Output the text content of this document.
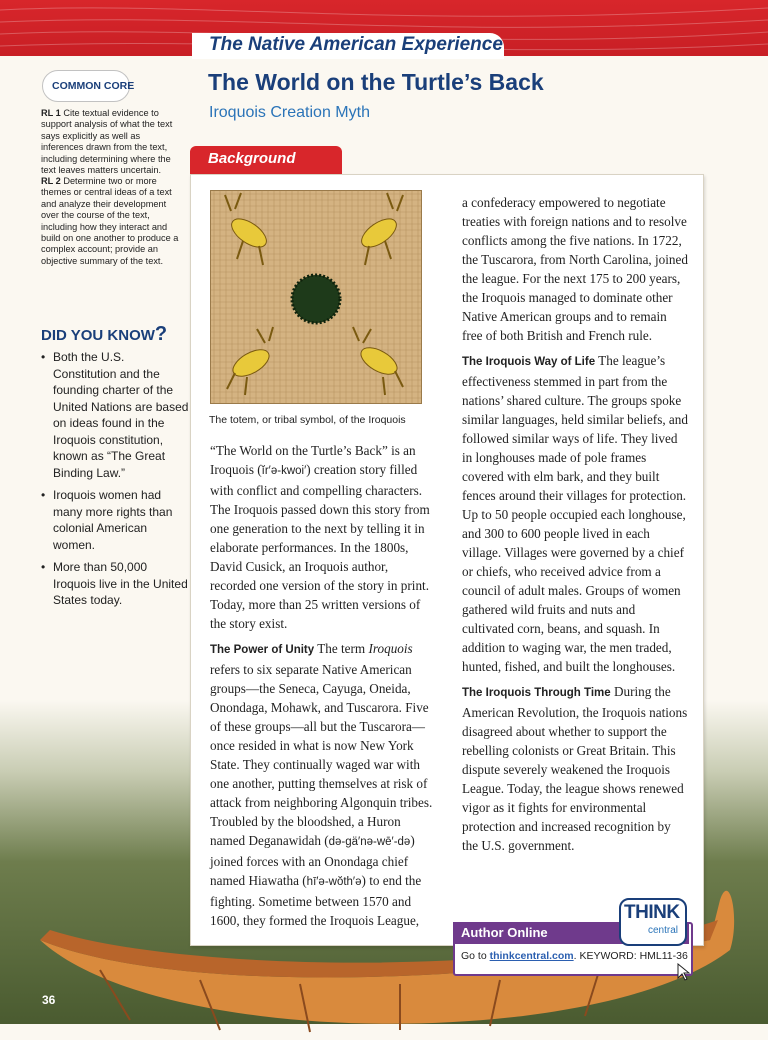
The Native American Experience
The World on the Turtle’s Back
Iroquois Creation Myth
36
COMMON CORE
RL 1 Cite textual evidence to support analysis of what the text says explicitly as well as inferences drawn from the text, including determining where the text leaves matters uncertain.
RL 2 Determine two or more themes or central ideas of a text and analyze their development over the course of the text, including how they interact and build on one another to produce a complex account; provide an objective summary of the text.
DID YOU KNOW?
• Both the U.S. Constitution and the founding charter of the United Nations are based on ideas found in the Iroquois constitution, known as “The Great Binding Law.”
• Iroquois women had many more rights than colonial American women.
• More than 50,000 Iroquois live in the United States today.
Background
The totem, or tribal symbol, of the Iroquois

“The World on the Turtle’s Back” is an Iroquois (ĭr′ə-kwoi′) creation story filled with conflict and compelling characters. The Iroquois passed down this story from one generation to the next by telling it in elaborate performances. In the 1800s, David Cusick, an Iroquois author, recorded one version of the story in print. Today, more than 25 written versions of the story exist.

The Power of Unity The term Iroquois refers to six separate Native American groups—the Seneca, Cayuga, Oneida, Onondaga, Mohawk, and Tuscarora. Five of these groups—all but the Tuscarora—once resided in what is now New York State. They continually waged war with one another, putting themselves at risk of attack from neighboring Algonquin tribes. Troubled by the bloodshed, a Huron named Deganawidah (də-gä′nə-wē′-də) joined forces with an Onondaga chief named Hiawatha (hī′ə-wŏth′ə) to end the fighting. Sometime between 1570 and 1600, they formed the Iroquois League,

a confederacy empowered to negotiate treaties with foreign nations and to resolve conflicts among the five nations. In 1722, the Tuscarora, from North Carolina, joined the league. For the next 175 to 200 years, the Iroquois managed to dominate other Native American groups and to remain free of both British and French rule.

The Iroquois Way of Life The league’s effectiveness stemmed in part from the nations’ shared culture. The groups spoke similar languages, held similar beliefs, and followed similar ways of life. They lived in longhouses made of pole frames covered with elm bark, and they built fences around their villages for protection. Up to 50 people occupied each longhouse, and 300 to 600 people lived in each village. Villages were governed by a chief or chiefs, who received advice from a council of adult males. Groups of women gathered wild fruits and nuts and cultivated corn, beans, and squash. In addition to waging war, the men traded, hunted, fished, and built the longhouses.

The Iroquois Through Time During the American Revolution, the Iroquois nations disagreed about whether to support the rebelling colonists or Great Britain. This dispute severely weakened the Iroquois League. Today, the league shows renewed vigor as it fights for environmental protection and increased recognition by the U.S. government.

Author Online
Go to thinkcentral.com. KEYWORD: HML11-36
THINK
central
